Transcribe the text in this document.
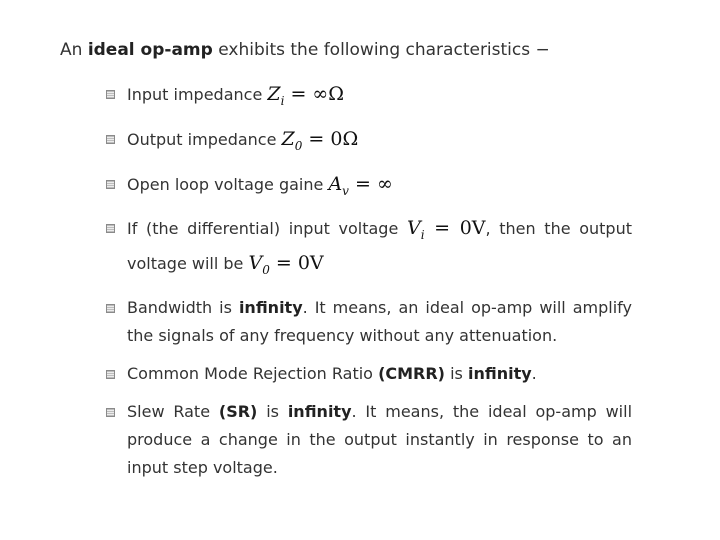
An ideal op-amp exhibits the following characteristics −

Input impedance $Z_i = \infty\Omega$
Output impedance $Z_0 = 0\Omega$
Open loop voltage gaine $A_v$ = ∞
If (the differential) input voltage $V_i = 0V$, then the output voltage will be $V_0 = 0V$
Bandwidth is infinity. It means, an ideal op-amp will amplify the signals of any frequency without any attenuation.
Common Mode Rejection Ratio (CMRR) is infinity.
Slew Rate (SR) is infinity. It means, the ideal op-amp will produce a change in the output instantly in response to an input step voltage.
